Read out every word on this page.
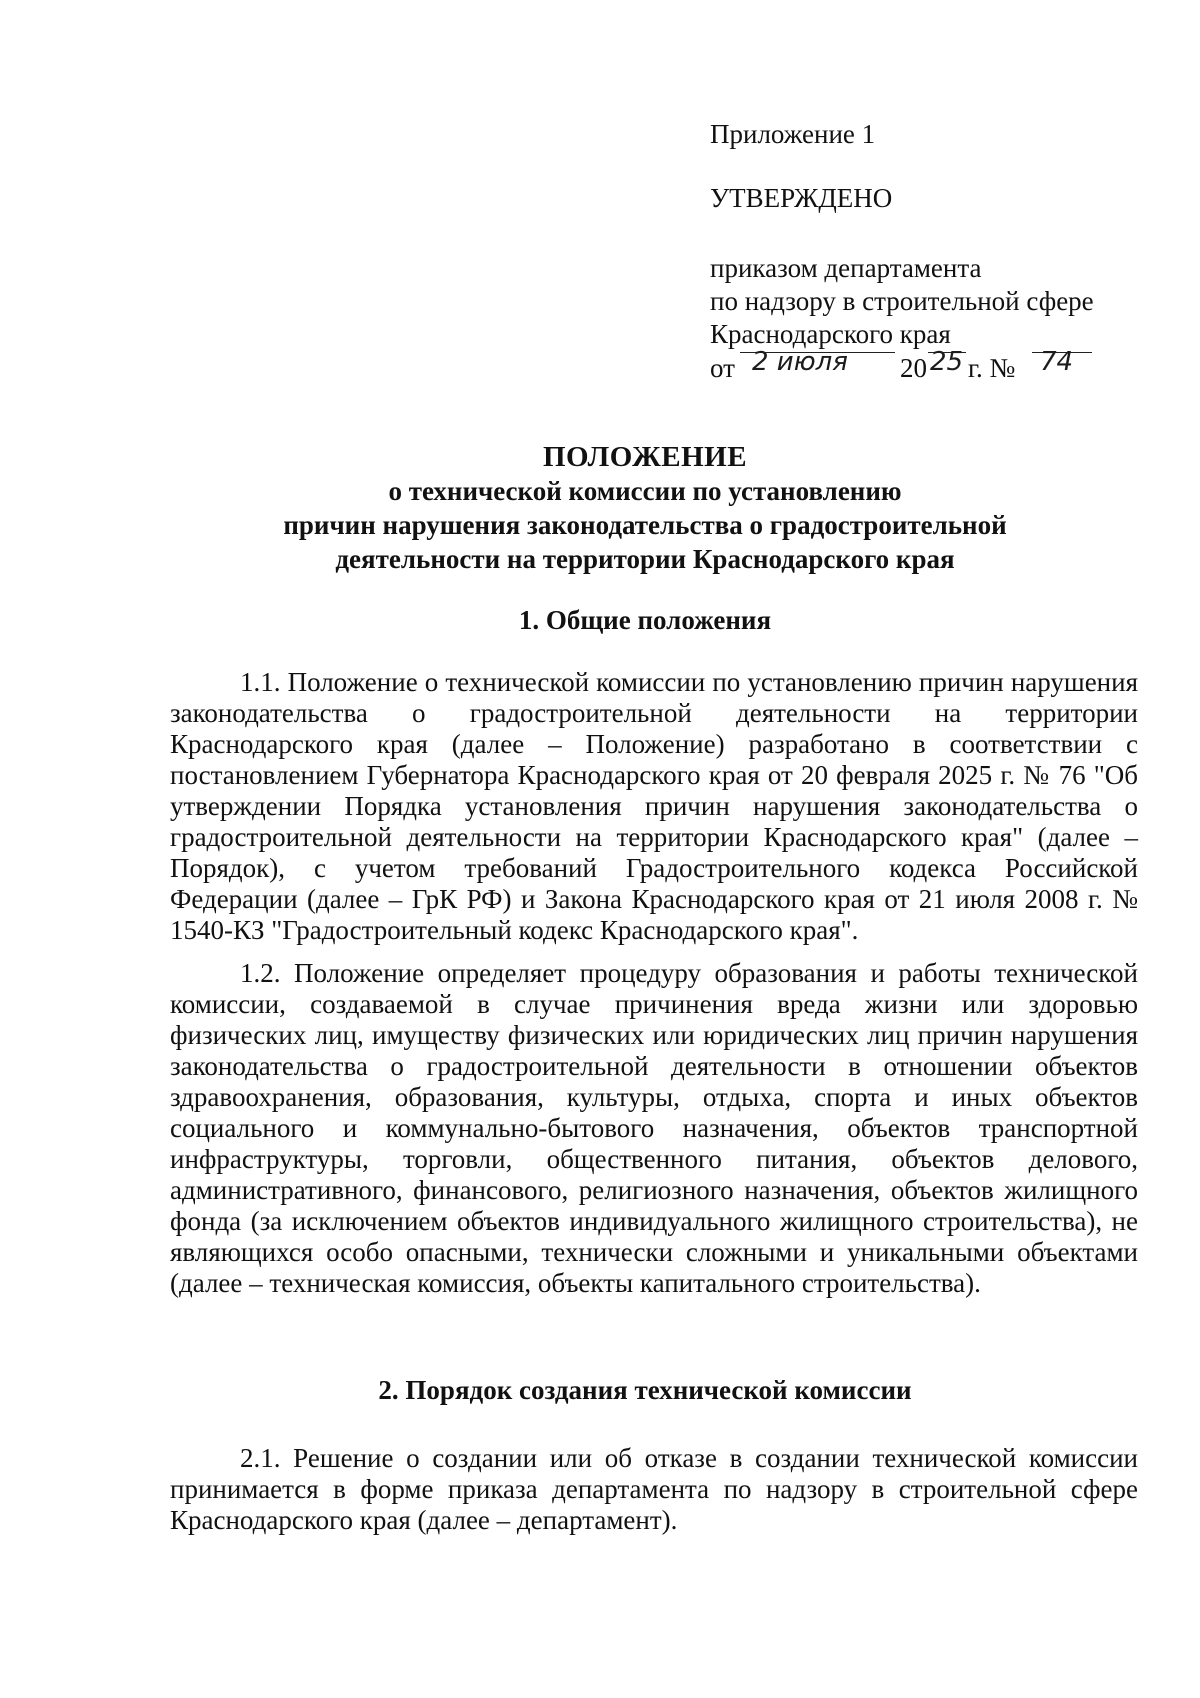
Приложение 1
УТВЕРЖДЕНО
приказом департамента
по надзору в строительной сфере
Краснодарского края
от 2 июля 20 25 г. № 74
ПОЛОЖЕНИЕ
о технической комиссии по установлению
причин нарушения законодательства о градостроительной
деятельности на территории Краснодарского края
1. Общие положения
1.1. Положение о технической комиссии по установлению причин нарушения законодательства о градостроительной деятельности на территории Краснодарского края (далее – Положение) разработано в соответствии с постановлением Губернатора Краснодарского края от 20 февраля 2025 г. № 76 "Об утверждении Порядка установления причин нарушения законодательства о градостроительной деятельности на территории Краснодарского края" (далее – Порядок), с учетом требований Градостроительного кодекса Российской Федерации (далее – ГрК РФ) и Закона Краснодарского края от 21 июля 2008 г. № 1540-КЗ "Градостроительный кодекс Краснодарского края".
1.2. Положение определяет процедуру образования и работы технической комиссии, создаваемой в случае причинения вреда жизни или здоровью физических лиц, имуществу физических или юридических лиц причин нарушения законодательства о градостроительной деятельности в отношении объектов здравоохранения, образования, культуры, отдыха, спорта и иных объектов социального и коммунально-бытового назначения, объектов транспортной инфраструктуры, торговли, общественного питания, объектов делового, административного, финансового, религиозного назначения, объектов жилищного фонда (за исключением объектов индивидуального жилищного строительства), не являющихся особо опасными, технически сложными и уникальными объектами (далее – техническая комиссия, объекты капитального строительства).
2. Порядок создания технической комиссии
2.1. Решение о создании или об отказе в создании технической комиссии принимается в форме приказа департамента по надзору в строительной сфере Краснодарского края (далее – департамент).
